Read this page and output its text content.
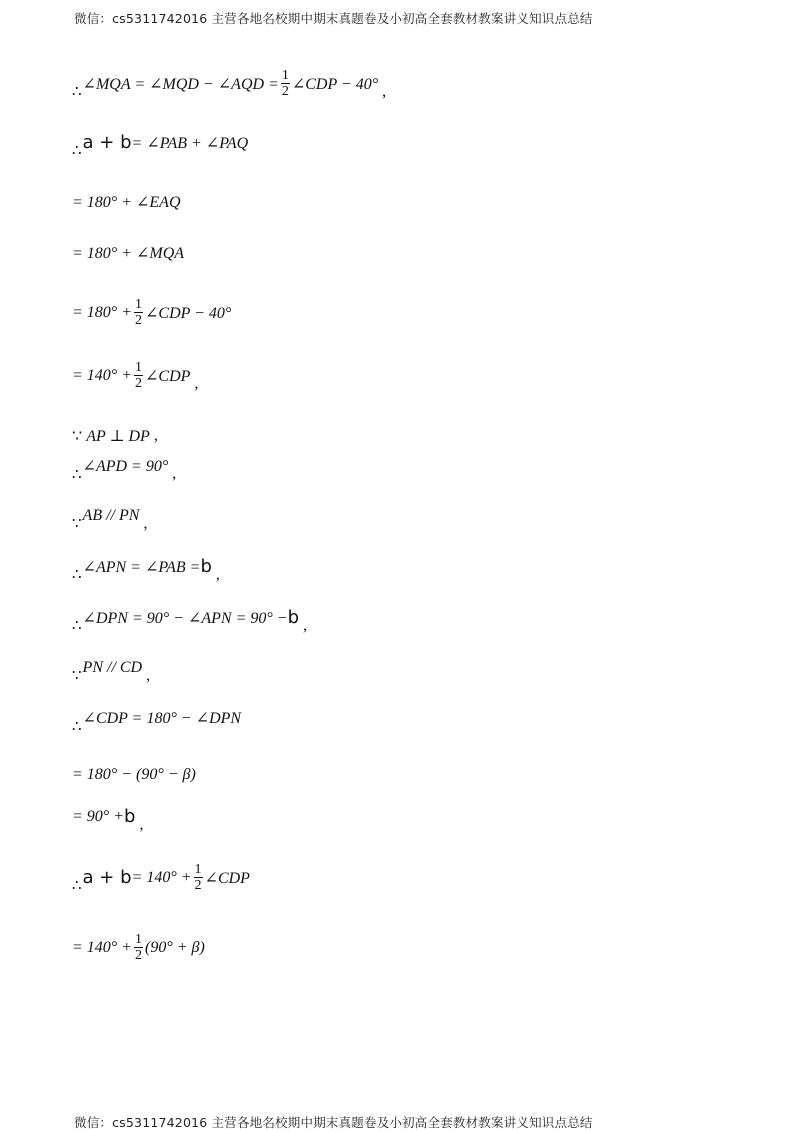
微信：cs5311742016 主营各地名校期中期末真题卷及小初高全套教材教案讲义知识点总结
∴ ∠MQA = ∠MQD − ∠AQD = $\frac{1}{2}$ ∠CDP − 40° ,
∴ a + b = ∠PAB + ∠PAQ
= 180° + ∠EAQ
= 180° + ∠MQA
= $180^\circ + \frac{1}{2}$ ∠CDP − 40°
= $140^\circ + \frac{1}{2}$ ∠CDP ,
∵ AP ⊥ DP ,
∴ ∠APD = 90° ,
∵
AB // PN ,
∴ ∠APN = ∠PAB = b ,
∴ ∠DPN = 90° − ∠APN = 90° − b ,
∵
PN // CD ,
∴ ∠CDP = 180° − ∠DPN
= 180° − (90° − β)
= 90° + b ,
∴ $a + b = 140^\circ + \frac{1}{2}$ ∠CDP
= $140^\circ + \frac{1}{2} (90^\circ + \beta)$
微信：cs5311742016 主营各地名校期中期末真题卷及小初高全套教材教案讲义知识点总结
